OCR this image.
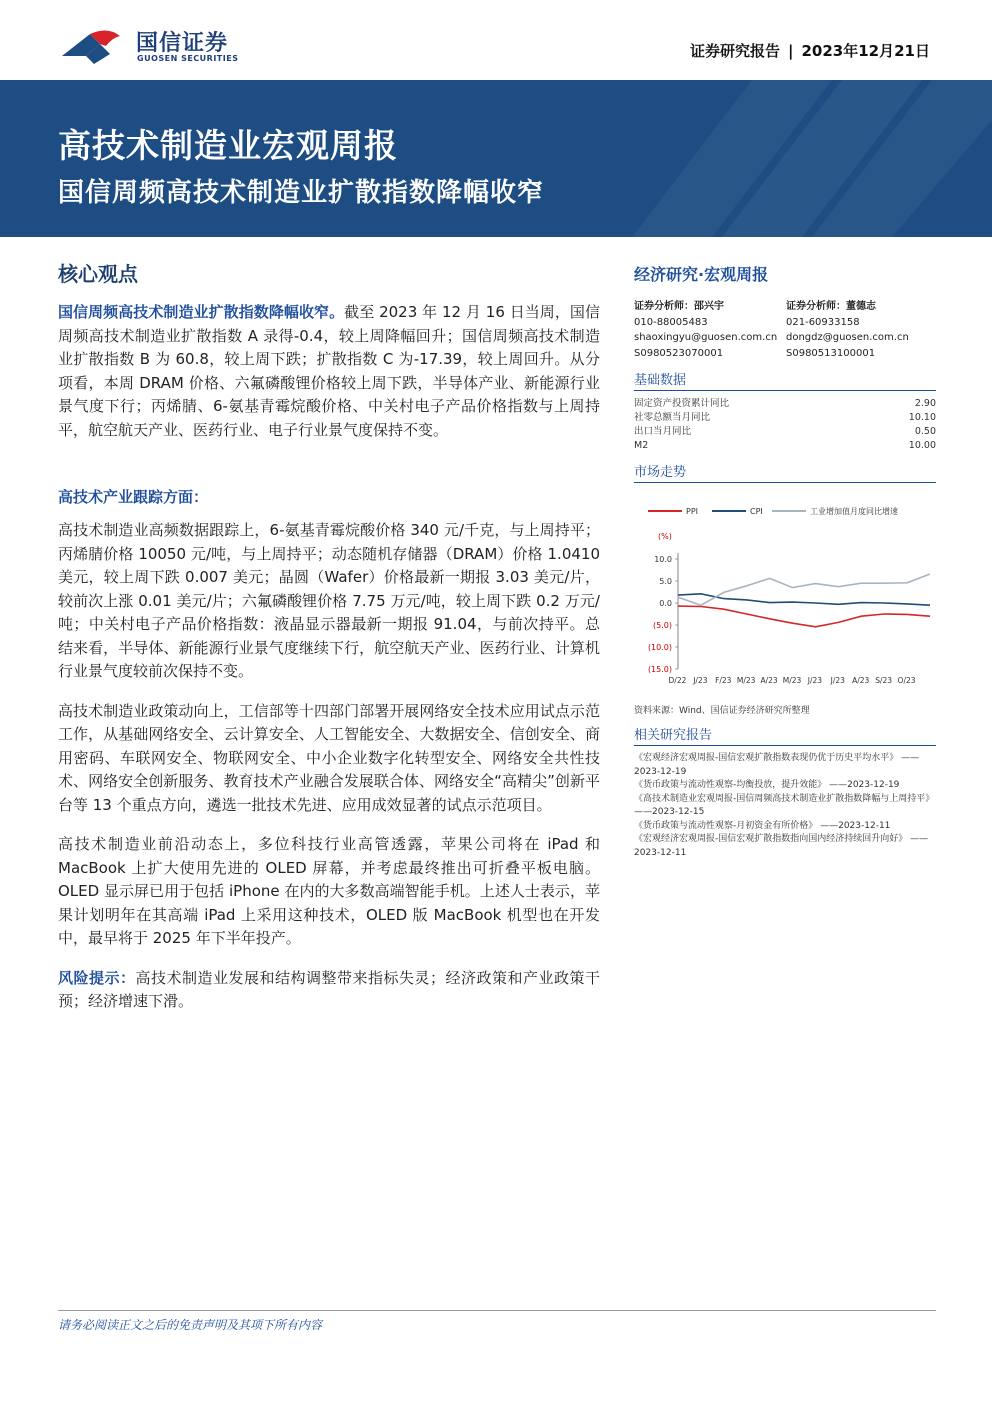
国信证券
GUOSEN SECURITIES	证券研究报告 | 2023年12月21日
高技术制造业宏观周报
国信周频高技术制造业扩散指数降幅收窄
核心观点

国信周频高技术制造业扩散指数降幅收窄。截至 2023 年 12 月 16 日当周，国信周频高技术制造业扩散指数 A 录得-0.4，较上周降幅回升；国信周频高技术制造业扩散指数 B 为 60.8，较上周下跌；扩散指数 C 为-17.39，较上周回升。从分项看，本周 DRAM 价格、六氟磷酸锂价格较上周下跌，半导体产业、新能源行业景气度下行；丙烯腈、6-氨基青霉烷酸价格、中关村电子产品价格指数与上周持平，航空航天产业、医药行业、电子行业景气度保持不变。

高技术产业跟踪方面：

高技术制造业高频数据跟踪上，6-氨基青霉烷酸价格 340 元/千克，与上周持平；丙烯腈价格 10050 元/吨，与上周持平；动态随机存储器（DRAM）价格 1.0410 美元，较上周下跌 0.007 美元；晶圆（Wafer）价格最新一期报 3.03 美元/片，较前次上涨 0.01 美元/片；六氟磷酸锂价格 7.75 万元/吨，较上周下跌 0.2 万元/吨；中关村电子产品价格指数：液晶显示器最新一期报 91.04，与前次持平。总结来看，半导体、新能源行业景气度继续下行，航空航天产业、医药行业、计算机行业景气度较前次保持不变。

高技术制造业政策动向上，工信部等十四部门部署开展网络安全技术应用试点示范工作，从基础网络安全、云计算安全、人工智能安全、大数据安全、信创安全、商用密码、车联网安全、物联网安全、中小企业数字化转型安全、网络安全共性技术、网络安全创新服务、教育技术产业融合发展联合体、网络安全“高精尖”创新平台等 13 个重点方向，遴选一批技术先进、应用成效显著的试点示范项目。

高技术制造业前沿动态上，多位科技行业高管透露，苹果公司将在 iPad 和 MacBook 上扩大使用先进的 OLED 屏幕，并考虑最终推出可折叠平板电脑。OLED 显示屏已用于包括 iPhone 在内的大多数高端智能手机。上述人士表示，苹果计划明年在其高端 iPad 上采用这种技术，OLED 版 MacBook 机型也在开发中，最早将于 2025 年下半年投产。

风险提示：高技术制造业发展和结构调整带来指标失灵；经济政策和产业政策干预；经济增速下滑。

经济研究·宏观周报
证券分析师：邵兴宇
010-88005483
shaoxingyu@guosen.com.cn
S0980523070001
证券分析师：董德志
021-60933158
dongdz@guosen.com.cn
S0980513100001
基础数据
固定资产投资累计同比	2.90
社零总额当月同比	10.10
出口当月同比	0.50
M2	10.00
市场走势
PPI	CPI	工业增加值月度同比增速
(%)
10.0
5.0
0.0
(5.0)
(10.0)
(15.0)
D/22 J/23 F/23 M/23 A/23 M/23 J/23 J/23 A/23 S/23 O/23
资料来源：Wind、国信证券经济研究所整理
相关研究报告
《宏观经济宏观周报-国信宏观扩散指数表现仍优于历史平均水平》 ——2023-12-19
《货币政策与流动性观察-均衡投放，提升效能》 ——2023-12-19
《高技术制造业宏观周报-国信周频高技术制造业扩散指数降幅与上周持平》 ——2023-12-15
《货币政策与流动性观察-月初资金有所价格》 ——2023-12-11
《宏观经济宏观周报-国信宏观扩散指数指向国内经济持续回升向好》 ——2023-12-11
请务必阅读正文之后的免责声明及其项下所有内容
